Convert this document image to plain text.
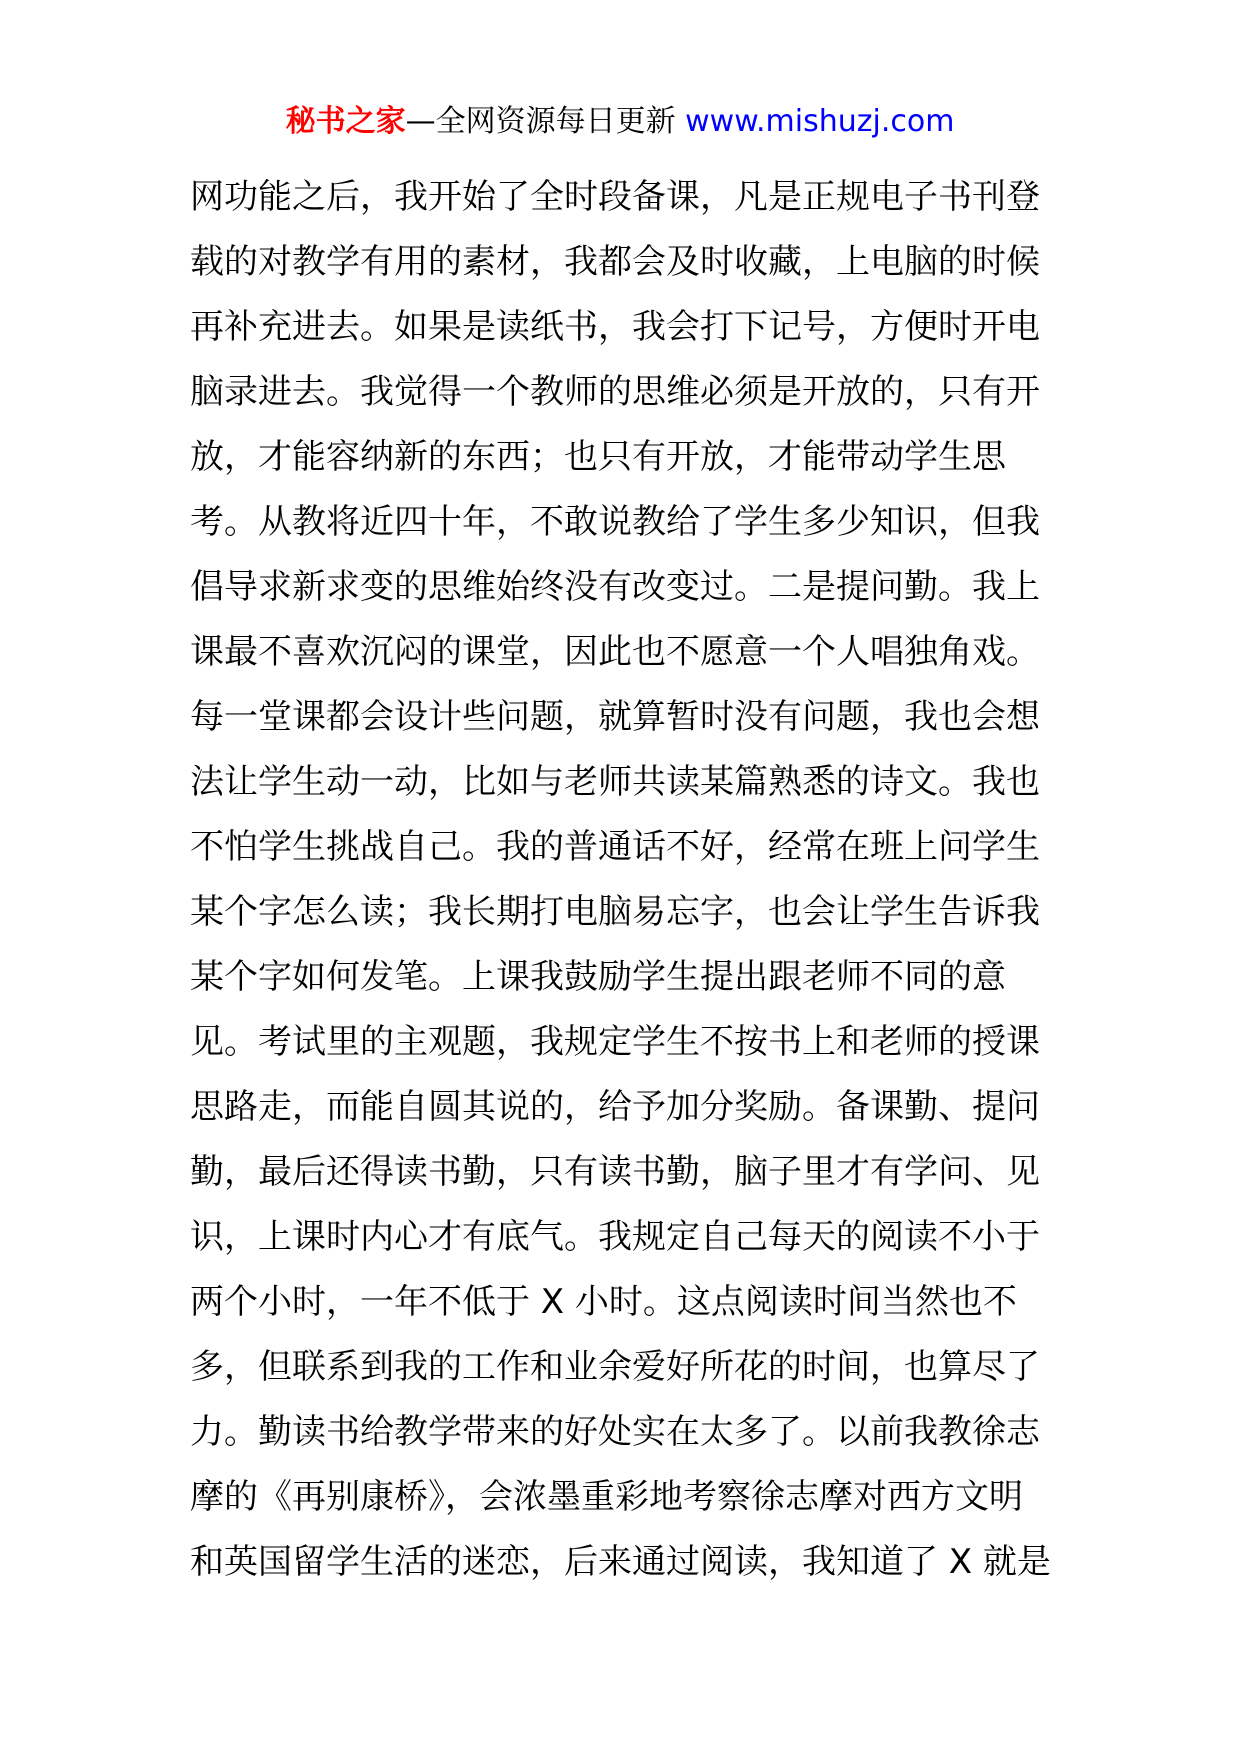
秘书之家—全网资源每日更新 www.mishuzj.com
网功能之后，我开始了全时段备课，凡是正规电子书刊登
载的对教学有用的素材，我都会及时收藏，上电脑的时候
再补充进去。如果是读纸书，我会打下记号，方便时开电
脑录进去。我觉得一个教师的思维必须是开放的，只有开
放，才能容纳新的东西；也只有开放，才能带动学生思
考。从教将近四十年，不敢说教给了学生多少知识，但我
倡导求新求变的思维始终没有改变过。二是提问勤。我上
课最不喜欢沉闷的课堂，因此也不愿意一个人唱独角戏。
每一堂课都会设计些问题，就算暂时没有问题，我也会想
法让学生动一动，比如与老师共读某篇熟悉的诗文。我也
不怕学生挑战自己。我的普通话不好，经常在班上问学生
某个字怎么读；我长期打电脑易忘字，也会让学生告诉我
某个字如何发笔。上课我鼓励学生提出跟老师不同的意
见。考试里的主观题，我规定学生不按书上和老师的授课
思路走，而能自圆其说的，给予加分奖励。备课勤、提问
勤，最后还得读书勤，只有读书勤，脑子里才有学问、见
识，上课时内心才有底气。我规定自己每天的阅读不小于
两个小时，一年不低于 X 小时。这点阅读时间当然也不
多，但联系到我的工作和业余爱好所花的时间，也算尽了
力。勤读书给教学带来的好处实在太多了。以前我教徐志
摩的《再别康桥》，会浓墨重彩地考察徐志摩对西方文明
和英国留学生活的迷恋，后来通过阅读，我知道了 X 就是
